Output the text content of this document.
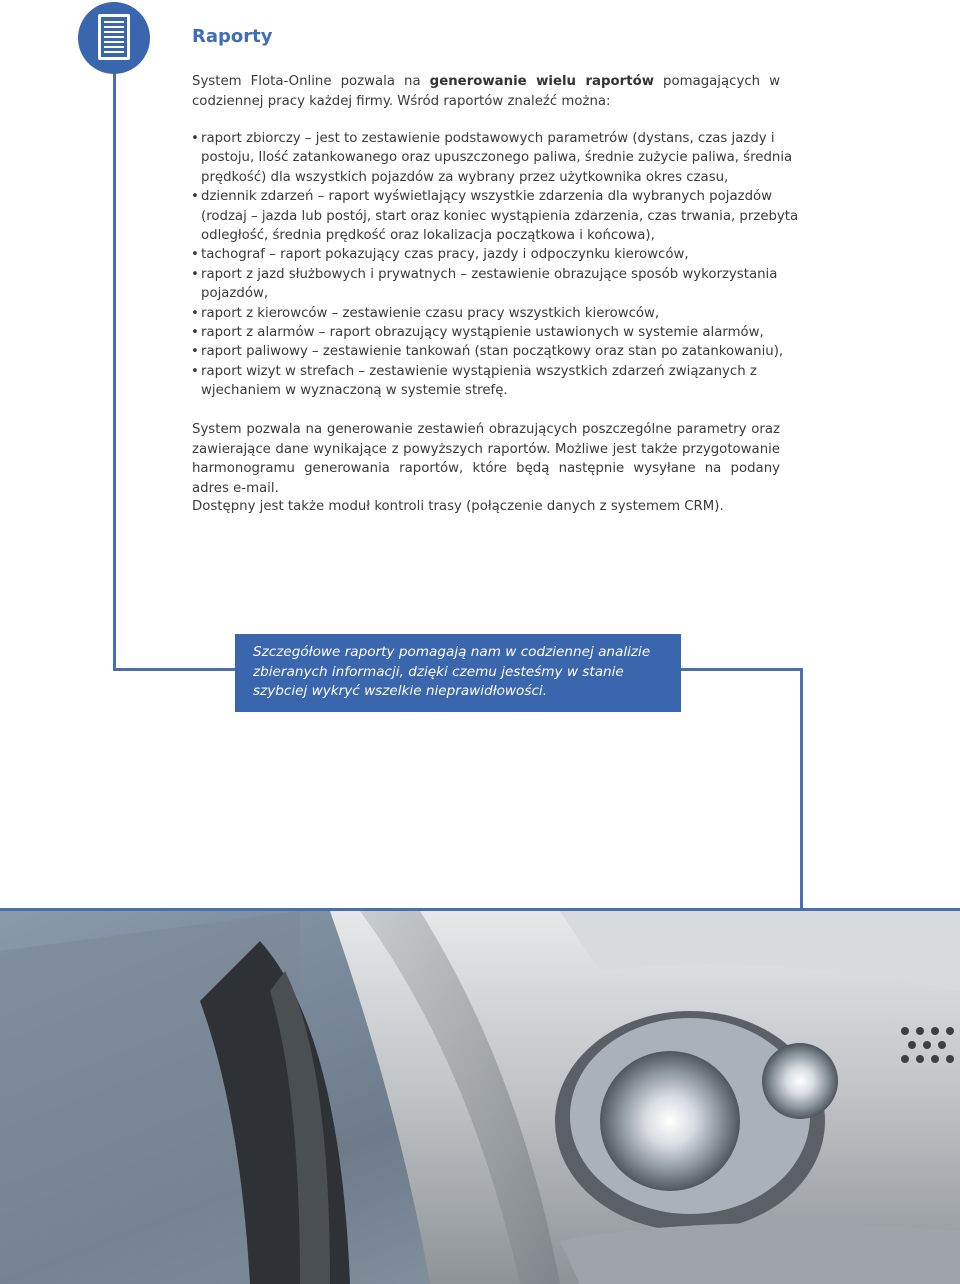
Raporty
System Flota-Online pozwala na generowanie wielu raportów pomagających w codziennej pracy każdej firmy. Wśród raportów znaleźć można:
• raport zbiorczy – jest to zestawienie podstawowych parametrów (dystans, czas jazdy i postoju, Ilość zatankowanego oraz upuszczonego paliwa, średnie zużycie paliwa, średnia prędkość) dla wszystkich pojazdów za wybrany przez użytkownika okres czasu,
• dziennik zdarzeń – raport wyświetlający wszystkie zdarzenia dla wybranych pojazdów (rodzaj – jazda lub postój, start oraz koniec wystąpienia zdarzenia, czas trwania, przebyta odległość, średnia prędkość oraz lokalizacja początkowa i końcowa),
• tachograf – raport pokazujący czas pracy, jazdy i odpoczynku kierowców,
• raport z jazd służbowych i prywatnych – zestawienie obrazujące sposób wykorzystania pojazdów,
• raport z kierowców – zestawienie czasu pracy wszystkich kierowców,
• raport z alarmów – raport obrazujący wystąpienie ustawionych w systemie alarmów,
• raport paliwowy – zestawienie tankowań (stan początkowy oraz stan po zatankowaniu),
• raport wizyt w strefach – zestawienie wystąpienia wszystkich zdarzeń związanych z wjechaniem w wyznaczoną w systemie strefę.
System pozwala na generowanie zestawień obrazujących poszczególne parametry oraz zawierające dane wynikające z powyższych raportów. Możliwe jest także przygotowanie harmonogramu generowania raportów, które będą następnie wysyłane na podany adres e-mail.
Dostępny jest także moduł kontroli trasy (połączenie danych z systemem CRM).

Szczegółowe raporty pomagają nam w codziennej analizie zbieranych informacji, dzięki czemu jesteśmy w stanie szybciej wykryć wszelkie nieprawidłowości.
